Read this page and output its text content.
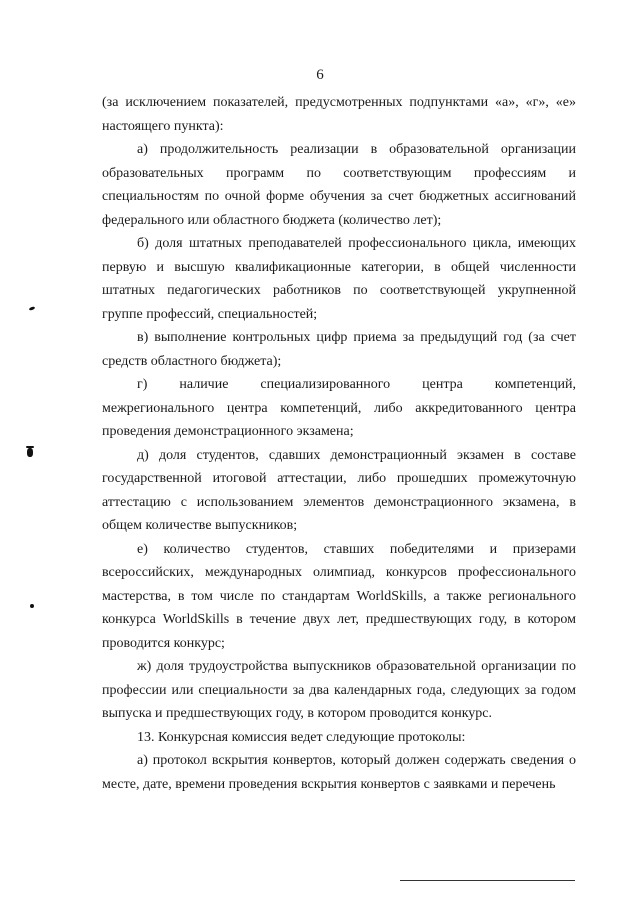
6

(за исключением показателей, предусмотренных подпунктами «а», «г», «е» настоящего пункта):

а) продолжительность реализации в образовательной организации образовательных программ по соответствующим профессиям и специальностям по очной форме обучения за счет бюджетных ассигнований федерального или областного бюджета (количество лет);

б) доля штатных преподавателей профессионального цикла, имеющих первую и высшую квалификационные категории, в общей численности штатных педагогических работников по соответствующей укрупненной группе профессий, специальностей;

в) выполнение контрольных цифр приема за предыдущий год (за счет средств областного бюджета);

г) наличие специализированного центра компетенций, межрегионального центра компетенций, либо аккредитованного центра проведения демонстрационного экзамена;

д) доля студентов, сдавших демонстрационный экзамен в составе государственной итоговой аттестации, либо прошедших промежуточную аттестацию с использованием элементов демонстрационного экзамена, в общем количестве выпускников;

е) количество студентов, ставших победителями и призерами всероссийских, международных олимпиад, конкурсов профессионального мастерства, в том числе по стандартам WorldSkills, а также регионального конкурса WorldSkills в течение двух лет, предшествующих году, в котором проводится конкурс;

ж) доля трудоустройства выпускников образовательной организации по профессии или специальности за два календарных года, следующих за годом выпуска и предшествующих году, в котором проводится конкурс.

13. Конкурсная комиссия ведет следующие протоколы:

а) протокол вскрытия конвертов, который должен содержать сведения о месте, дате, времени проведения вскрытия конвертов с заявками и перечень
